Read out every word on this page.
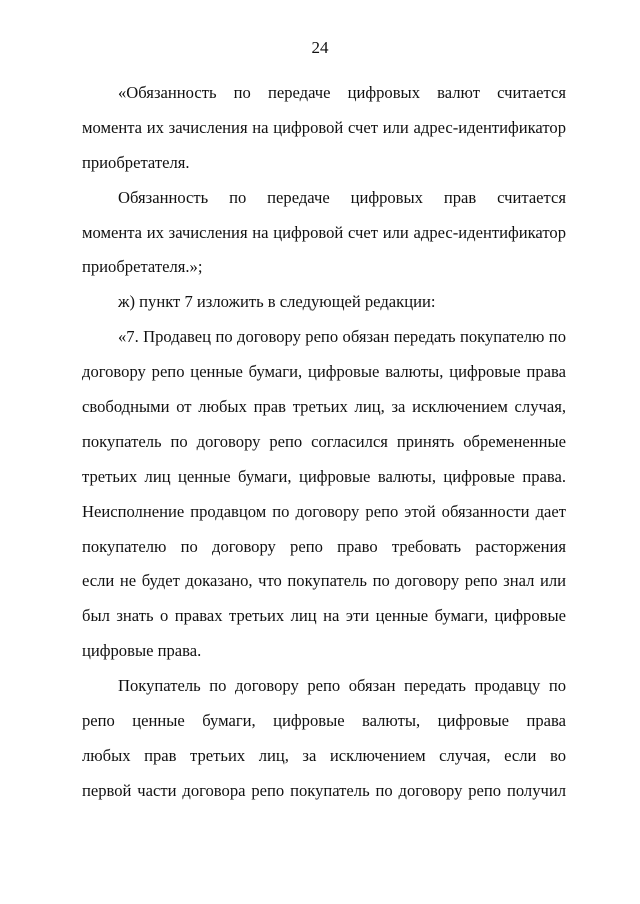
24
«Обязанность по передаче цифровых валют считается
момента их зачисления на цифровой счет или адрес-идентификатор
приобретателя.
Обязанность по передаче цифровых прав считается
момента их зачисления на цифровой счет или адрес-идентификатор
приобретателя.»;
ж) пункт 7 изложить в следующей редакции:
«7. Продавец по договору репо обязан передать покупателю по
договору репо ценные бумаги, цифровые валюты, цифровые права
свободными от любых прав третьих лиц, за исключением случая,
покупатель по договору репо согласился принять обремененные
третьих лиц ценные бумаги, цифровые валюты, цифровые права.
Неисполнение продавцом по договору репо этой обязанности дает
покупателю по договору репо право требовать расторжения
если не будет доказано, что покупатель по договору репо знал или
был знать о правах третьих лиц на эти ценные бумаги, цифровые
цифровые права.
Покупатель по договору репо обязан передать продавцу по
репо ценные бумаги, цифровые валюты, цифровые права
любых прав третьих лиц, за исключением случая, если во
первой части договора репо покупатель по договору репо получил
